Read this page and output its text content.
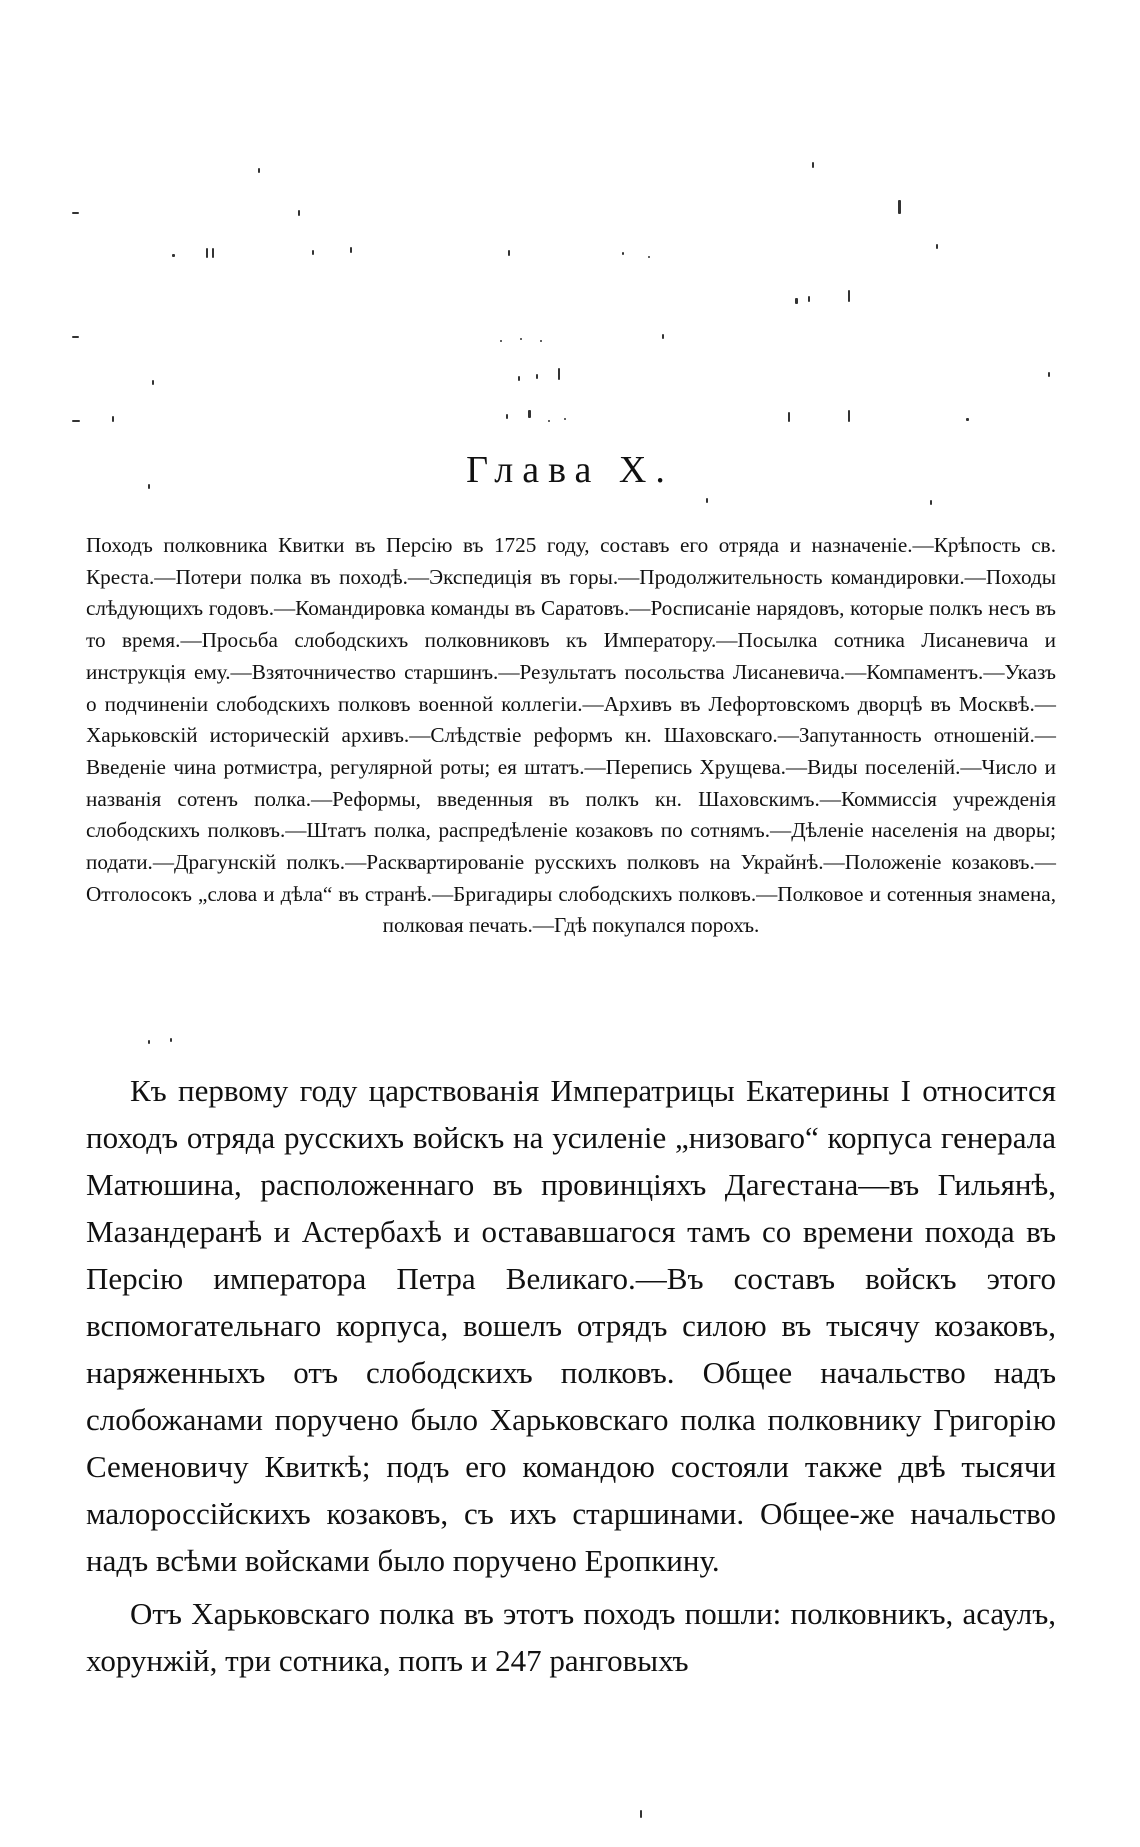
Глава X.

Походъ полковника Квитки въ Персію въ 1725 году, составъ его отряда и назначеніе.—Крѣпость св. Креста.—Потери полка въ походѣ.—Экспедиція въ горы.—Продолжительность командировки.—Походы слѣдующихъ годовъ.—Командировка команды въ Саратовъ.—Росписаніе нарядовъ, которые полкъ несъ въ то время.—Просьба слободскихъ полковниковъ къ Императору.—Посылка сотника Лисаневича и инструкція ему.—Взяточничество старшинъ.—Результатъ посольства Лисаневича.—Компаментъ.—Указъ о подчиненіи слободскихъ полковъ военной коллегіи.—Архивъ въ Лефортовскомъ дворцѣ въ Москвѣ.—Харьковскій историческій архивъ.—Слѣдствіе реформъ кн. Шаховскаго.—Запутанность отношеній.—Введеніе чина ротмистра, регулярной роты; ея штатъ.—Перепись Хрущева.—Виды поселеній.—Число и названія сотенъ полка.—Реформы, введенныя въ полкъ кн. Шаховскимъ.—Коммиссія учрежденія слободскихъ полковъ.—Штатъ полка, распредѣленіе козаковъ по сотнямъ.—Дѣленіе населенія на дворы; подати.—Драгунскій полкъ.—Расквартированіе русскихъ полковъ на Украйнѣ.—Положеніе козаковъ.—Отголосокъ „слова и дѣла“ въ странѣ.—Бригадиры слободскихъ полковъ.—Полковое и сотенныя знамена, полковая печать.—Гдѣ покупался порохъ.

Къ первому году царствованія Императрицы Екатерины I относится походъ отряда русскихъ войскъ на усиленіе „низоваго“ корпуса генерала Матюшина, расположеннаго въ провинціяхъ Дагестана—въ Гильянѣ, Мазандеранѣ и Астербахѣ и остававшагося тамъ со времени похода въ Персію императора Петра Великаго.—Въ составъ войскъ этого вспомогательнаго корпуса, вошелъ отрядъ силою въ тысячу козаковъ, наряженныхъ отъ слободскихъ полковъ. Общее начальство надъ слобожанами поручено было Харьковскаго полка полковнику Григорію Семеновичу Квиткѣ; подъ его командою состояли также двѣ тысячи малороссійскихъ козаковъ, съ ихъ старшинами. Общее-же начальство надъ всѣми войсками было поручено Еропкину.

Отъ Харьковскаго полка въ этотъ походъ пошли: полковникъ, асаулъ, хорунжій, три сотника, попъ и 247 ранговыхъ
